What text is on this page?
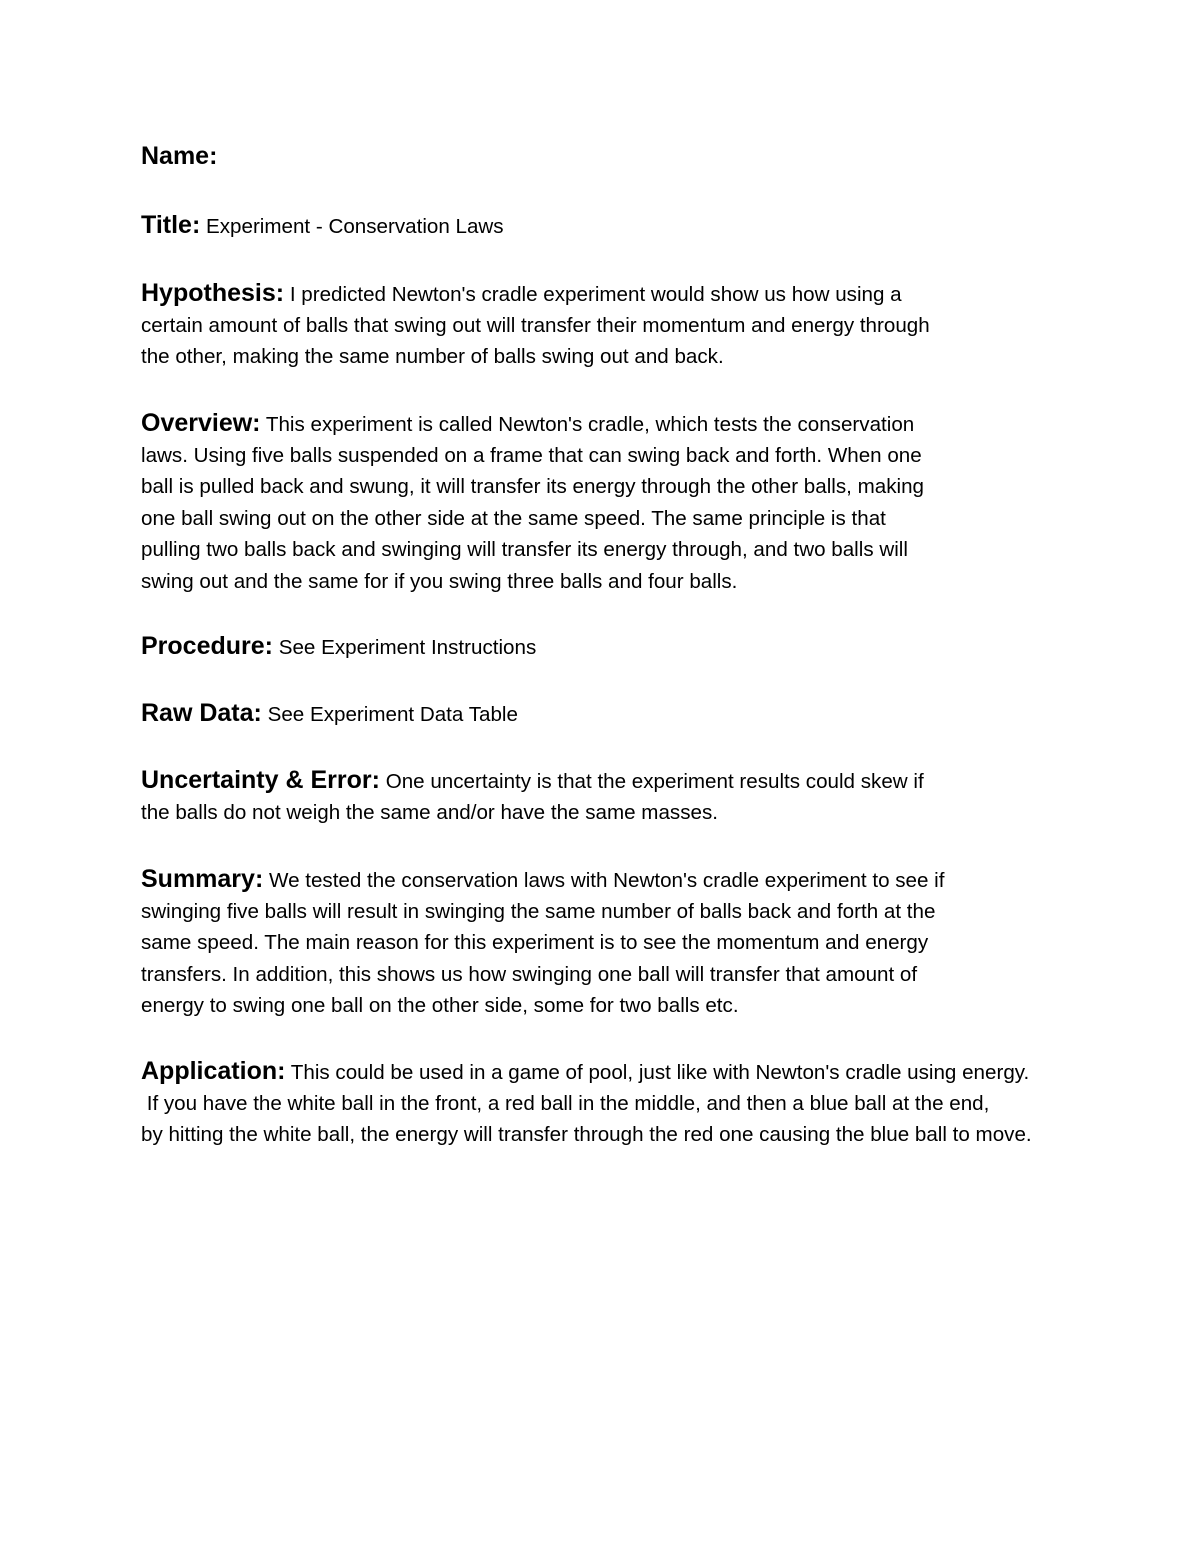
Name:
Title: Experiment - Conservation Laws
Hypothesis: I predicted Newton's cradle experiment would show us how using a
certain amount of balls that swing out will transfer their momentum and energy through
the other, making the same number of balls swing out and back.
Overview: This experiment is called Newton's cradle, which tests the conservation
laws. Using five balls suspended on a frame that can swing back and forth. When one
ball is pulled back and swung, it will transfer its energy through the other balls, making
one ball swing out on the other side at the same speed. The same principle is that
pulling two balls back and swinging will transfer its energy through, and two balls will
swing out and the same for if you swing three balls and four balls.
Procedure: See Experiment Instructions
Raw Data: See Experiment Data Table
Uncertainty & Error: One uncertainty is that the experiment results could skew if
the balls do not weigh the same and/or have the same masses.
Summary: We tested the conservation laws with Newton's cradle experiment to see if
swinging five balls will result in swinging the same number of balls back and forth at the
same speed. The main reason for this experiment is to see the momentum and energy
transfers. In addition, this shows us how swinging one ball will transfer that amount of
energy to swing one ball on the other side, some for two balls etc.
Application: This could be used in a game of pool, just like with Newton's cradle using energy.
If you have the white ball in the front, a red ball in the middle, and then a blue ball at the end,
by hitting the white ball, the energy will transfer through the red one causing the blue ball to move.
